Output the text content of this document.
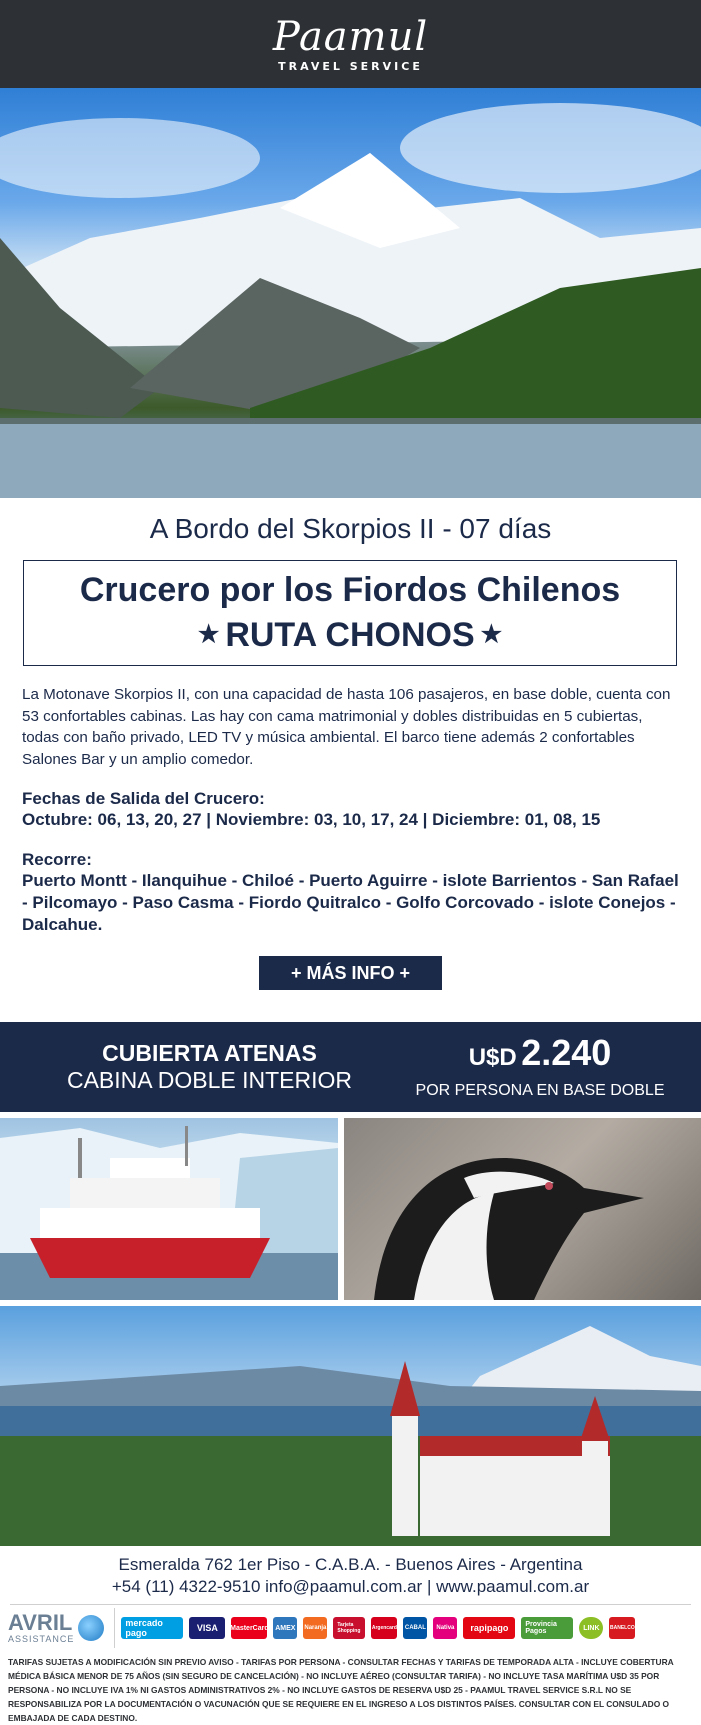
Paamul
TRAVEL SERVICE
A Bordo del Skorpios II - 07 días
Crucero por los Fiordos Chilenos
★ RUTA CHONOS ★

La Motonave Skorpios II, con una capacidad de hasta 106 pasajeros, en base doble, cuenta con 53 confortables cabinas. Las hay con cama matrimonial y dobles distribuidas en 5 cubiertas, todas con baño privado, LED TV y música ambiental. El barco tiene además 2 confortables Salones Bar y un amplio comedor.

Fechas de Salida del Crucero:
Octubre: 06, 13, 20, 27 | Noviembre: 03, 10, 17, 24 | Diciembre: 01, 08, 15
Recorre:
Puerto Montt - Ilanquihue - Chiloé - Puerto Aguirre - islote Barrientos - San Rafael - Pilcomayo - Paso Casma - Fiordo Quitralco - Golfo Corcovado - islote Conejos - Dalcahue.
+ MÁS INFO +
CUBIERTA ATENAS
CABINA DOBLE INTERIOR
U$D 2.240
POR PERSONA EN BASE DOBLE
Esmeralda 762 1er Piso - C.A.B.A. - Buenos Aires - Argentina
+54 (11) 4322-9510 info@paamul.com.ar | www.paamul.com.ar
AVRIL
ASSISTANCE
mercado pago	VISA	MasterCard AMEX	Naranja	Tarjeta Shopping	Argencard CABAL	Nativa	rapipago	Provincia Pagos	LINK	BANELCO

TARIFAS SUJETAS A MODIFICACIÓN SIN PREVIO AVISO - TARIFAS POR PERSONA - CONSULTAR FECHAS Y TARIFAS DE TEMPORADA ALTA - INCLUYE COBERTURA MÉDICA BÁSICA MENOR DE 75 AÑOS (SIN SEGURO DE CANCELACIÓN) - NO INCLUYE AÉREO (CONSULTAR TARIFA) - NO INCLUYE TASA MARÍTIMA U$D 35 POR PERSONA - NO INCLUYE IVA 1% NI GASTOS ADMINISTRATIVOS 2% - NO INCLUYE GASTOS DE RESERVA U$D 25 - PAAMUL TRAVEL SERVICE S.R.L NO SE RESPONSABILIZA POR LA DOCUMENTACIÓN O VACUNACIÓN QUE SE REQUIERE EN EL INGRESO A LOS DISTINTOS PAÍSES. CONSULTAR CON EL CONSULADO O EMBAJADA DE CADA DESTINO.
